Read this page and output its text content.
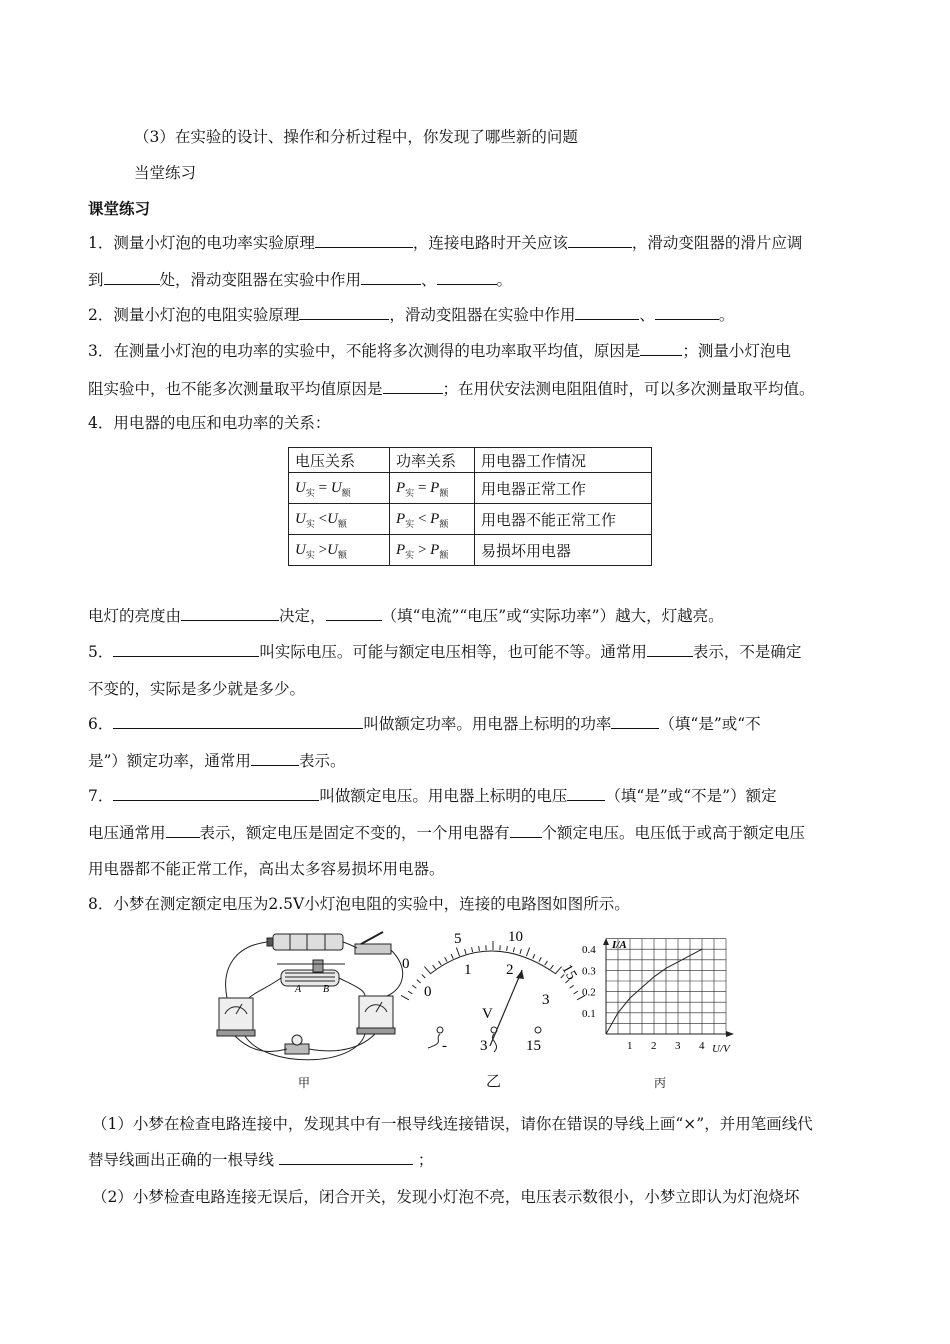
（3）在实验的设计、操作和分析过程中，你发现了哪些新的问题
当堂练习
课堂练习
1．测量小灯泡的电功率实验原理	，连接电路时开关应该	，滑动变阻器的滑片应调
到	处，滑动变阻器在实验中作用	、	。
2．测量小灯泡的电阻实验原理	，滑动变阻器在实验中作用	、	。
3．在测量小灯泡的电功率的实验中，不能将多次测得的电功率取平均值，原因是	；测量小灯泡电
阻实验中，也不能多次测量取平均值原因是	；在用伏安法测电阻阻值时，可以多次测量取平均值。
4．用电器的电压和电功率的关系：
电压关系	功率关系	用电器工作情况
$U_实 = U_额$	$P_实 = P_额$	用电器正常工作
$U_实 <U_额$	$P_实 < P_额$	用电器不能正常工作
$U_实 >U_额$	$P_实 > P_额$	易损坏用电器
电灯的亮度由	决定，	（填“电流”“电压”或“实际功率”）越大，灯越亮。
5．	叫实际电压。可能与额定电压相等，也可能不等。通常用	表示，不是确定
不变的，实际是多少就是多少。
6．	叫做额定功率。用电器上标明的功率	（填“是”或“不
是”）额定功率，通常用	表示。
7．	叫做额定电压。用电器上标明的电压 （填“是”或“不是”）额定
电压通常用 表示，额定电压是固定不变的，一个用电器有 个额定电压。电压低于或高于额定电压
用电器都不能正常工作，高出太多容易损坏用电器。
8．小梦在测定额定电压为2.5V小灯泡电阻的实验中，连接的电路图如图所示。
A B
甲
0
5	10
15
0
1 2
3
V
- 3	15
乙
I/A
U/V
0.4
0.3
0.2
0.1
1 2 3 4
丙
（1）小梦在检查电路连接中，发现其中有一根导线连接错误，请你在错误的导线上画“×”，并用笔画线代
替导线画出正确的一根导线	；
（2）小梦检查电路连接无误后，闭合开关，发现小灯泡不亮，电压表示数很小，小梦立即认为灯泡烧坏
